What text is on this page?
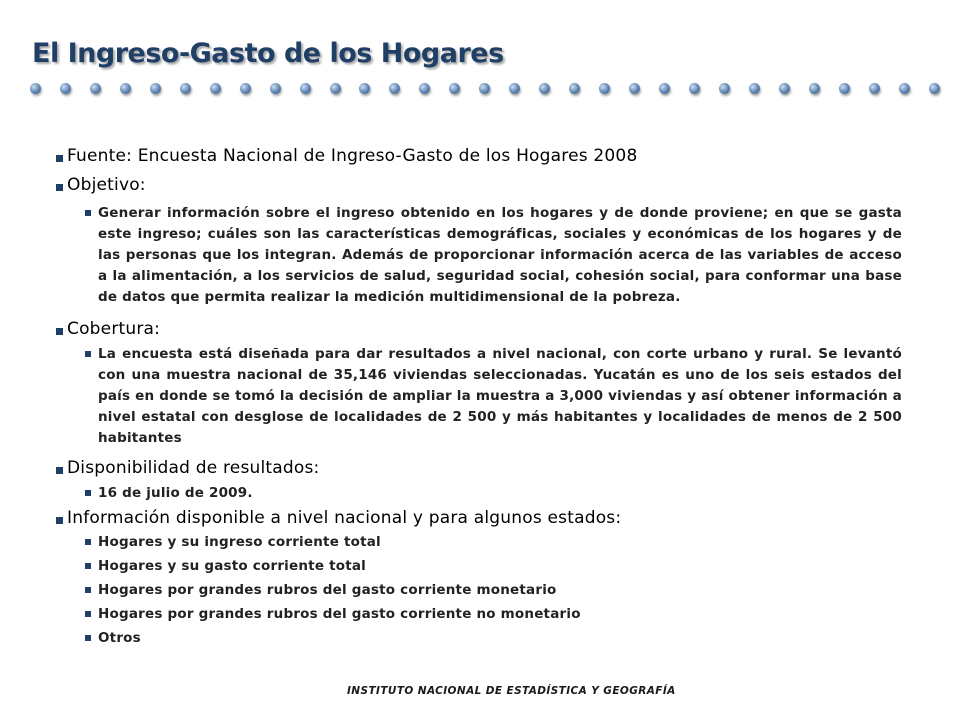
El Ingreso-Gasto de los Hogares
Fuente: Encuesta Nacional de Ingreso-Gasto de los Hogares 2008
Objetivo:
Generar información sobre el ingreso obtenido en los hogares y de donde proviene; en que se gasta este ingreso; cuáles son las características demográficas, sociales y económicas de los hogares y de las personas que los integran. Además de proporcionar información acerca de las variables de acceso a la alimentación, a los servicios de salud, seguridad social, cohesión social, para conformar una base de datos que permita realizar la medición multidimensional de la pobreza.
Cobertura:
La encuesta está diseñada para dar resultados a nivel nacional, con corte urbano y rural. Se levantó con una muestra nacional de 35,146 viviendas seleccionadas. Yucatán es uno de los seis estados del país en donde se tomó la decisión de ampliar la muestra a 3,000 viviendas y así obtener información a nivel estatal con desglose de localidades de 2 500 y más habitantes y localidades de menos de 2 500 habitantes
Disponibilidad de resultados:
16 de julio de 2009.
Información disponible a nivel nacional y para algunos estados:
Hogares y su ingreso corriente total
Hogares y su gasto corriente total
Hogares por grandes rubros del gasto corriente monetario
Hogares por grandes rubros del gasto corriente no monetario
Otros

INSTITUTO NACIONAL DE ESTADÍSTICA Y GEOGRAFÍA
